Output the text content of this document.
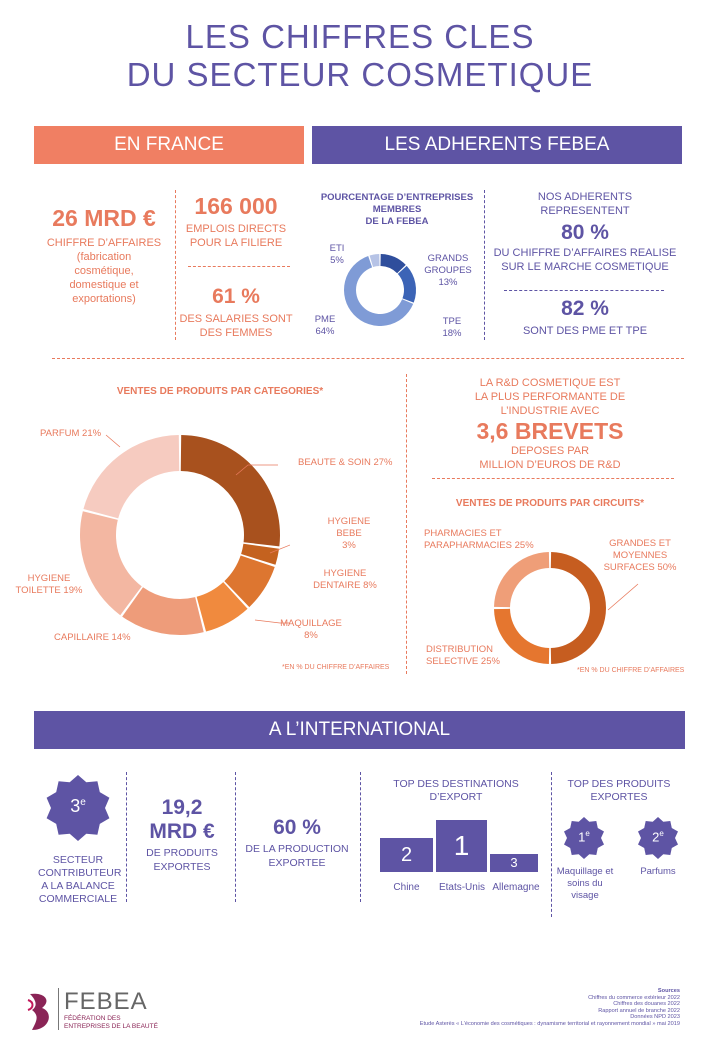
LES CHIFFRES CLES
DU SECTEUR COSMETIQUE
EN FRANCE	LES ADHERENTS FEBEA
26 MRD €
CHIFFRE D’AFFAIRES
(fabrication
cosmétique,
domestique et
exportations)
166 000
EMPLOIS DIRECTS
POUR LA FILIERE
61 %
DES SALARIES SONT
DES FEMMES
POURCENTAGE D’ENTREPRISES
MEMBRES
DE LA FEBEA
ETI
5%	GRANDS
GROUPES
13%
PME
64%
TPE
18%
NOS ADHERENTS
REPRESENTENT
80 %
DU CHIFFRE D’AFFAIRES REALISE
SUR LE MARCHE COSMETIQUE
82 %
SONT DES PME ET TPE
VENTES DE PRODUITS PAR CATEGORIES*
BEAUTE & SOIN 27%
HYGIENE BEBE
3%
HYGIENE
DENTAIRE 8%
MAQUILLAGE
8%
CAPILLAIRE 14%
HYGIENE
TOILETTE 19%
PARFUM 21%
*EN % DU CHIFFRE D’AFFAIRES
LA R&D COSMETIQUE EST
LA PLUS PERFORMANTE DE
L’INDUSTRIE AVEC
3,6 BREVETS
DEPOSES PAR
MILLION D’EUROS DE R&D
VENTES DE PRODUITS PAR CIRCUITS*
GRANDES ET
MOYENNES
SURFACES 50%
PHARMACIES ET
PARAPHARMACIES 25%
DISTRIBUTION
SELECTIVE 25%
*EN % DU CHIFFRE D’AFFAIRES
A L’INTERNATIONAL
3e
SECTEUR
CONTRIBUTEUR
A LA BALANCE
COMMERCIALE
19,2
MRD €
DE PRODUITS
EXPORTES
60 %
DE LA PRODUCTION
EXPORTEE
TOP DES DESTINATIONS
D’EXPORT
2	1
3
Chine	Etats-Unis Allemagne
TOP DES PRODUITS
EXPORTES
1e	2e
Maquillage et
soins du
visage
Parfums
FEBEA
FÉDÉRATION DES
ENTREPRISES DE LA BEAUTÉ
Sources
Chiffres du commerce extérieur 2022
Chiffres des douanes 2022
Rapport annuel de branche 2022
Données NPD 2023
Etude Asterès « L’économie des cosmétiques : dynamisme territorial et rayonnement mondial » mai 2019
